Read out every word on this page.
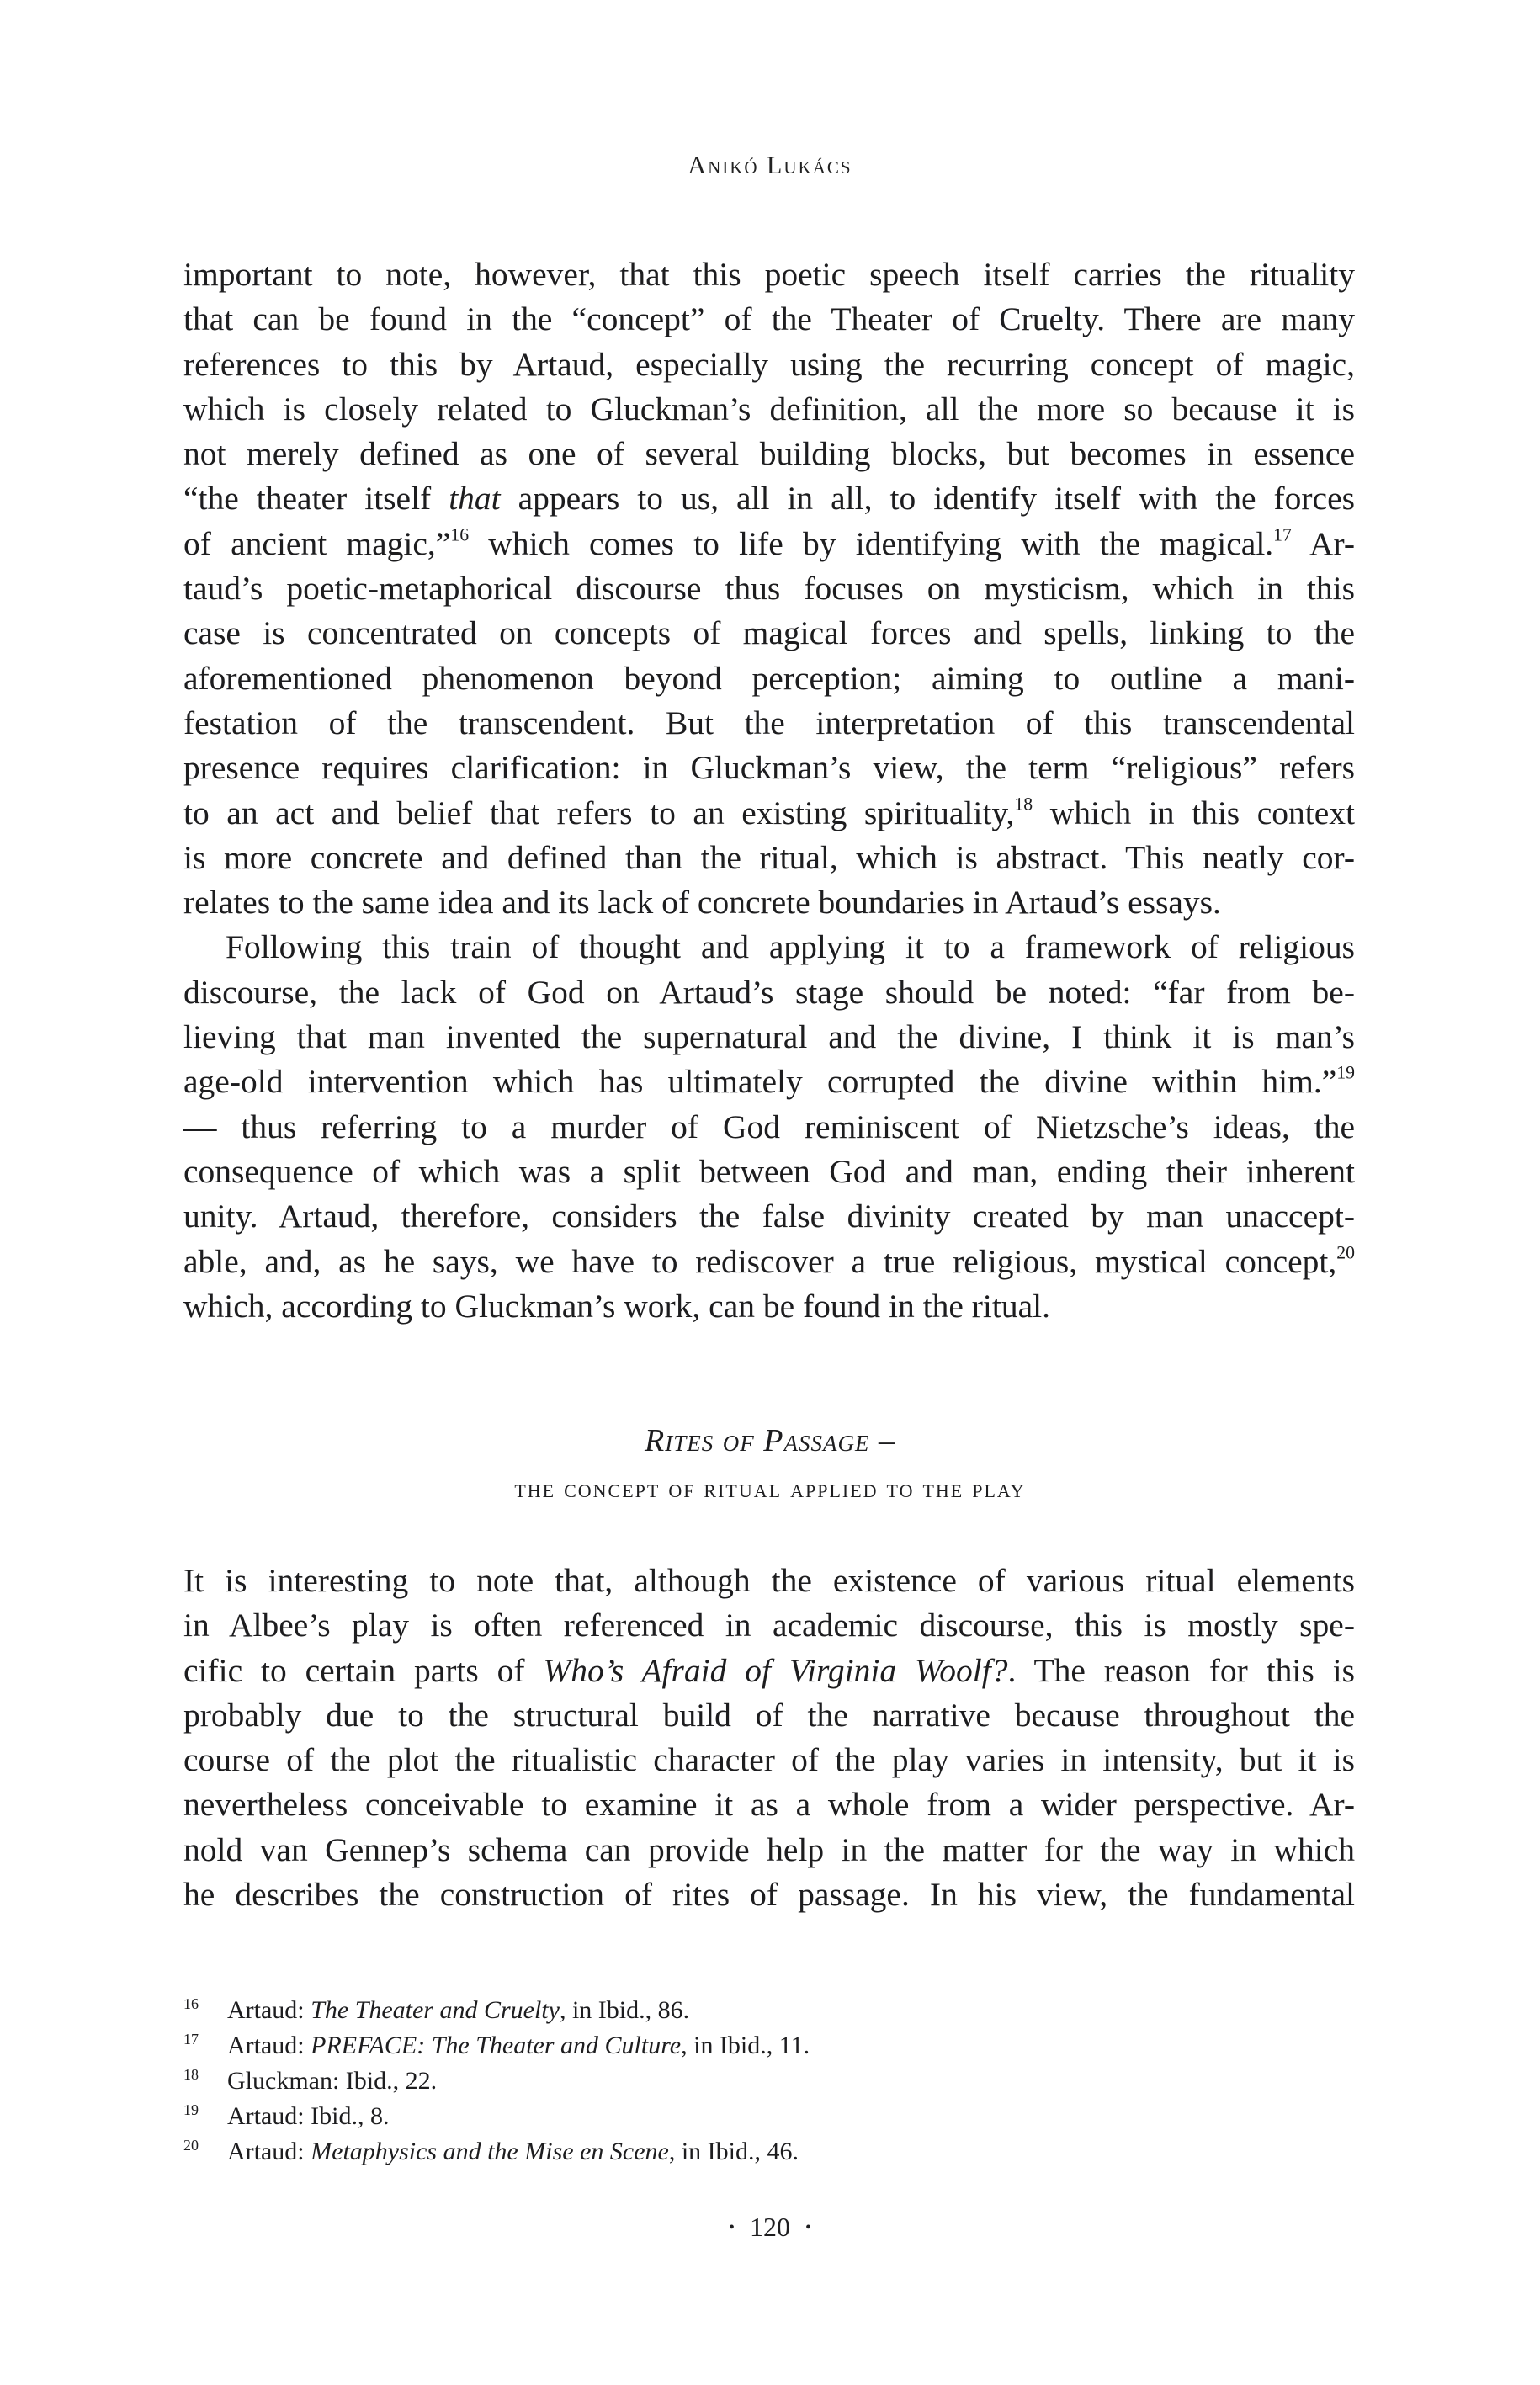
Anikó Lukács
important to note, however, that this poetic speech itself carries the rituality
that can be found in the “concept” of the Theater of Cruelty. There are many
references to this by Artaud, especially using the recurring concept of magic,
which is closely related to Gluckman’s definition, all the more so because it is
not merely defined as one of several building blocks, but becomes in essence
“the theater itself that appears to us, all in all, to identify itself with the forces
of ancient magic,”$^{16}$ which comes to life by identifying with the magical.$^{17}$ Ar-
taud’s poetic-metaphorical discourse thus focuses on mysticism, which in this
case is concentrated on concepts of magical forces and spells, linking to the
aforementioned phenomenon beyond perception; aiming to outline a mani-
festation of the transcendent. But the interpretation of this transcendental
presence requires clarification: in Gluckman’s view, the term “religious” refers
to an act and belief that refers to an existing spirituality,$^{18}$ which in this context
is more concrete and defined than the ritual, which is abstract. This neatly cor-
relates to the same idea and its lack of concrete boundaries in Artaud’s essays.
Following this train of thought and applying it to a framework of religious
discourse, the lack of God on Artaud’s stage should be noted: “far from be-
lieving that man invented the supernatural and the divine, I think it is man’s
age-old intervention which has ultimately corrupted the divine within him.”$^{19}$
— thus referring to a murder of God reminiscent of Nietzsche’s ideas, the
consequence of which was a split between God and man, ending their inherent
unity. Artaud, therefore, considers the false divinity created by man unaccept-
able, and, as he says, we have to rediscover a true religious, mystical concept,$^{20}$
which, according to Gluckman’s work, can be found in the ritual.
Rites of Passage –
the concept of ritual applied to the play
It is interesting to note that, although the existence of various ritual elements
in Albee’s play is often referenced in academic discourse, this is mostly spe-
cific to certain parts of Who’s Afraid of Virginia Woolf?. The reason for this is
probably due to the structural build of the narrative because throughout the
course of the plot the ritualistic character of the play varies in intensity, but it is
nevertheless conceivable to examine it as a whole from a wider perspective. Ar-
nold van Gennep’s schema can provide help in the matter for the way in which
he describes the construction of rites of passage. In his view, the fundamental
16 Artaud: The Theater and Cruelty, in Ibid., 86.
17 Artaud: PREFACE: The Theater and Culture, in Ibid., 11.
18 Gluckman: Ibid., 22.
19 Artaud: Ibid., 8.
20 Artaud: Metaphysics and the Mise en Scene, in Ibid., 46.
• 120 •
